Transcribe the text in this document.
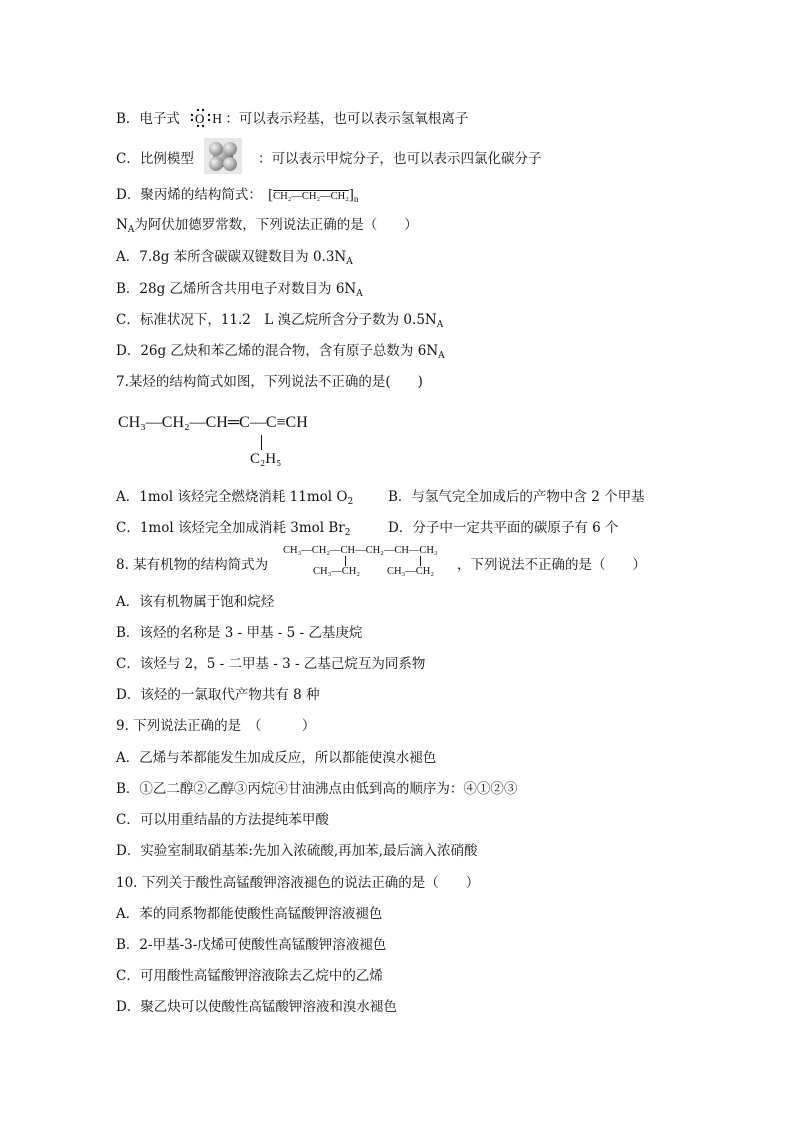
B．电子式 O H ：可以表示羟基，也可以表示氢氧根离子
C．比例模型	：可以表示甲烷分子，也可以表示四氯化碳分子
D．聚丙烯的结构简式： [CH₂—CH₂—CH₂]n
$N_A$为阿伏加德罗常数，下列说法正确的是（　　）
A．7.8g 苯所含碳碳双键数目为 $0.3N_A$
B．28g 乙烯所含共用电子对数目为 $6N_A$
C．标准状况下，11.2　L 溴乙烷所含分子数为 $0.5N_A$
D．26g 乙炔和苯乙烯的混合物，含有原子总数为 $6N_A$
7.某烃的结构简式如图，下列说法不正确的是(　　)
CH₃—CH₂—CH═C—C≡CH
C₂H₅
A．1mol 该烃完全燃烧消耗 11mol $O_2$	B．与氢气完全加成后的产物中含 2 个甲基
C．1mol 该烃完全加成消耗 3mol $Br_2$	D．分子中一定共平面的碳原子有 6 个
8. 某有机物的结构简式为
CH₃—CH₂—CH—CH₂—CH—CH₃
CH₃—CH₂	CH₃—CH₂ ，下列说法不正确的是（　　）
A．该有机物属于饱和烷烃
B．该烃的名称是 3 - 甲基 - 5 - 乙基庚烷
C．该烃与 2，5 - 二甲基 - 3 - 乙基己烷互为同系物
D．该烃的一氯取代产物共有 8 种
9. 下列说法正确的是　（　　　）
A．乙烯与苯都能发生加成反应，所以都能使溴水褪色
B．①乙二醇②乙醇③丙烷④甘油沸点由低到高的顺序为：④①②③
C．可以用重结晶的方法提纯苯甲酸
D．实验室制取硝基苯:先加入浓硫酸,再加苯,最后滴入浓硝酸
10. 下列关于酸性高锰酸钾溶液褪色的说法正确的是（　　）
A．苯的同系物都能使酸性高锰酸钾溶液褪色
B．2-甲基-3-戊烯可使酸性高锰酸钾溶液褪色
C．可用酸性高锰酸钾溶液除去乙烷中的乙烯
D．聚乙炔可以使酸性高锰酸钾溶液和溴水褪色
